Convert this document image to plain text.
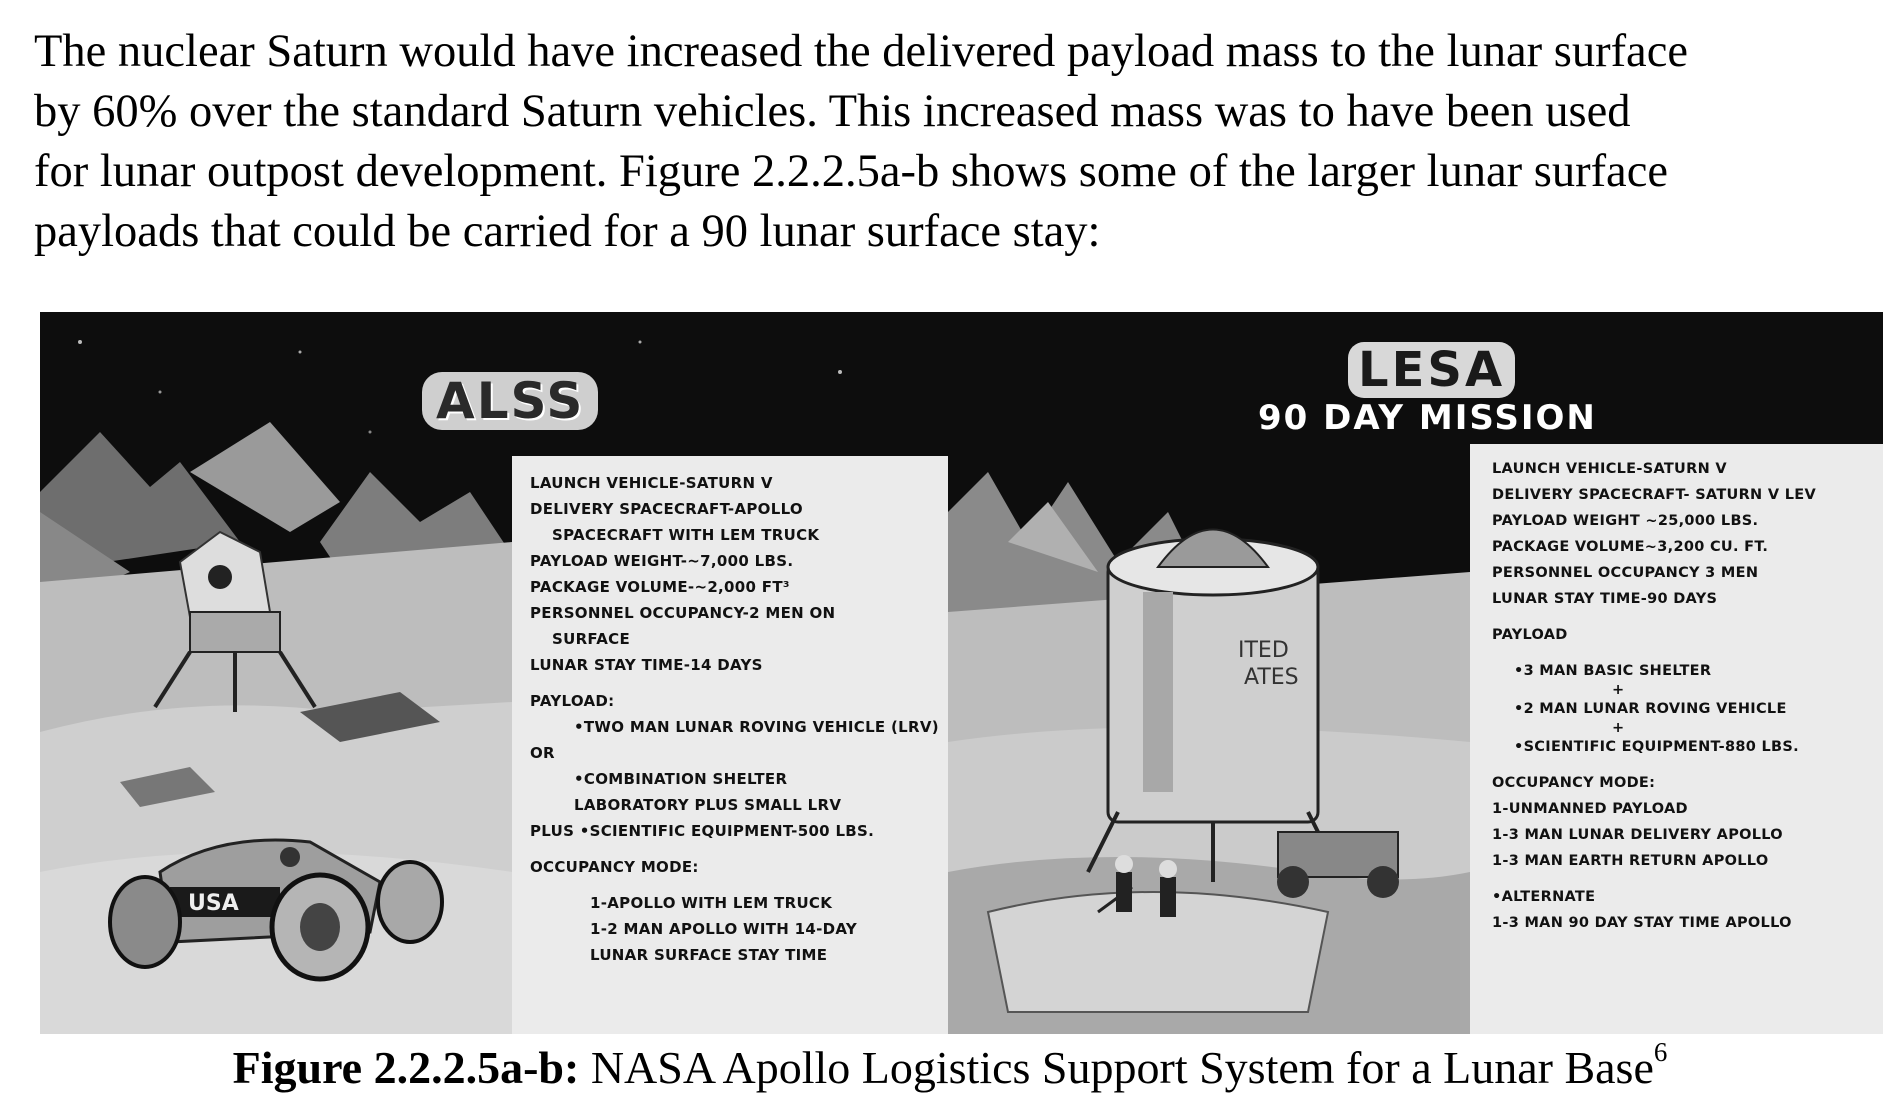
The nuclear Saturn would have increased the delivered payload mass to the lunar surface
by 60% over the standard Saturn vehicles. This increased mass was to have been used
for lunar outpost development. Figure 2.2.2.5a-b shows some of the larger lunar surface
payloads that could be carried for a 90 lunar surface stay:

USA
ALSS
LAUNCH VEHICLE-SATURN V
DELIVERY SPACECRAFT-APOLLO
SPACECRAFT WITH LEM TRUCK
PAYLOAD WEIGHT-~7,000 LBS.
PACKAGE VOLUME-~2,000 FT³
PERSONNEL OCCUPANCY-2 MEN ON
SURFACE
LUNAR STAY TIME-14 DAYS
PAYLOAD:
•TWO MAN LUNAR ROVING VEHICLE (LRV)
OR
•COMBINATION SHELTER
LABORATORY PLUS SMALL LRV
PLUS •SCIENTIFIC EQUIPMENT-500 LBS.
OCCUPANCY MODE:
1-APOLLO WITH LEM TRUCK
1-2 MAN APOLLO WITH 14-DAY
LUNAR SURFACE STAY TIME
ITED
ATES
LESA
90 DAY MISSION
LAUNCH VEHICLE-SATURN V
DELIVERY SPACECRAFT- SATURN V LEV
PAYLOAD WEIGHT ~25,000 LBS.
PACKAGE VOLUME~3,200 CU. FT.
PERSONNEL OCCUPANCY 3 MEN
LUNAR STAY TIME-90 DAYS
PAYLOAD
•3 MAN BASIC SHELTER
+
•2 MAN LUNAR ROVING VEHICLE
+
•SCIENTIFIC EQUIPMENT-880 LBS.
OCCUPANCY MODE:
1-UNMANNED PAYLOAD
1-3 MAN LUNAR DELIVERY APOLLO
1-3 MAN EARTH RETURN APOLLO
•ALTERNATE
1-3 MAN 90 DAY STAY TIME APOLLO
Figure 2.2.2.5a-b: NASA Apollo Logistics Support System for a Lunar Base$^6$
